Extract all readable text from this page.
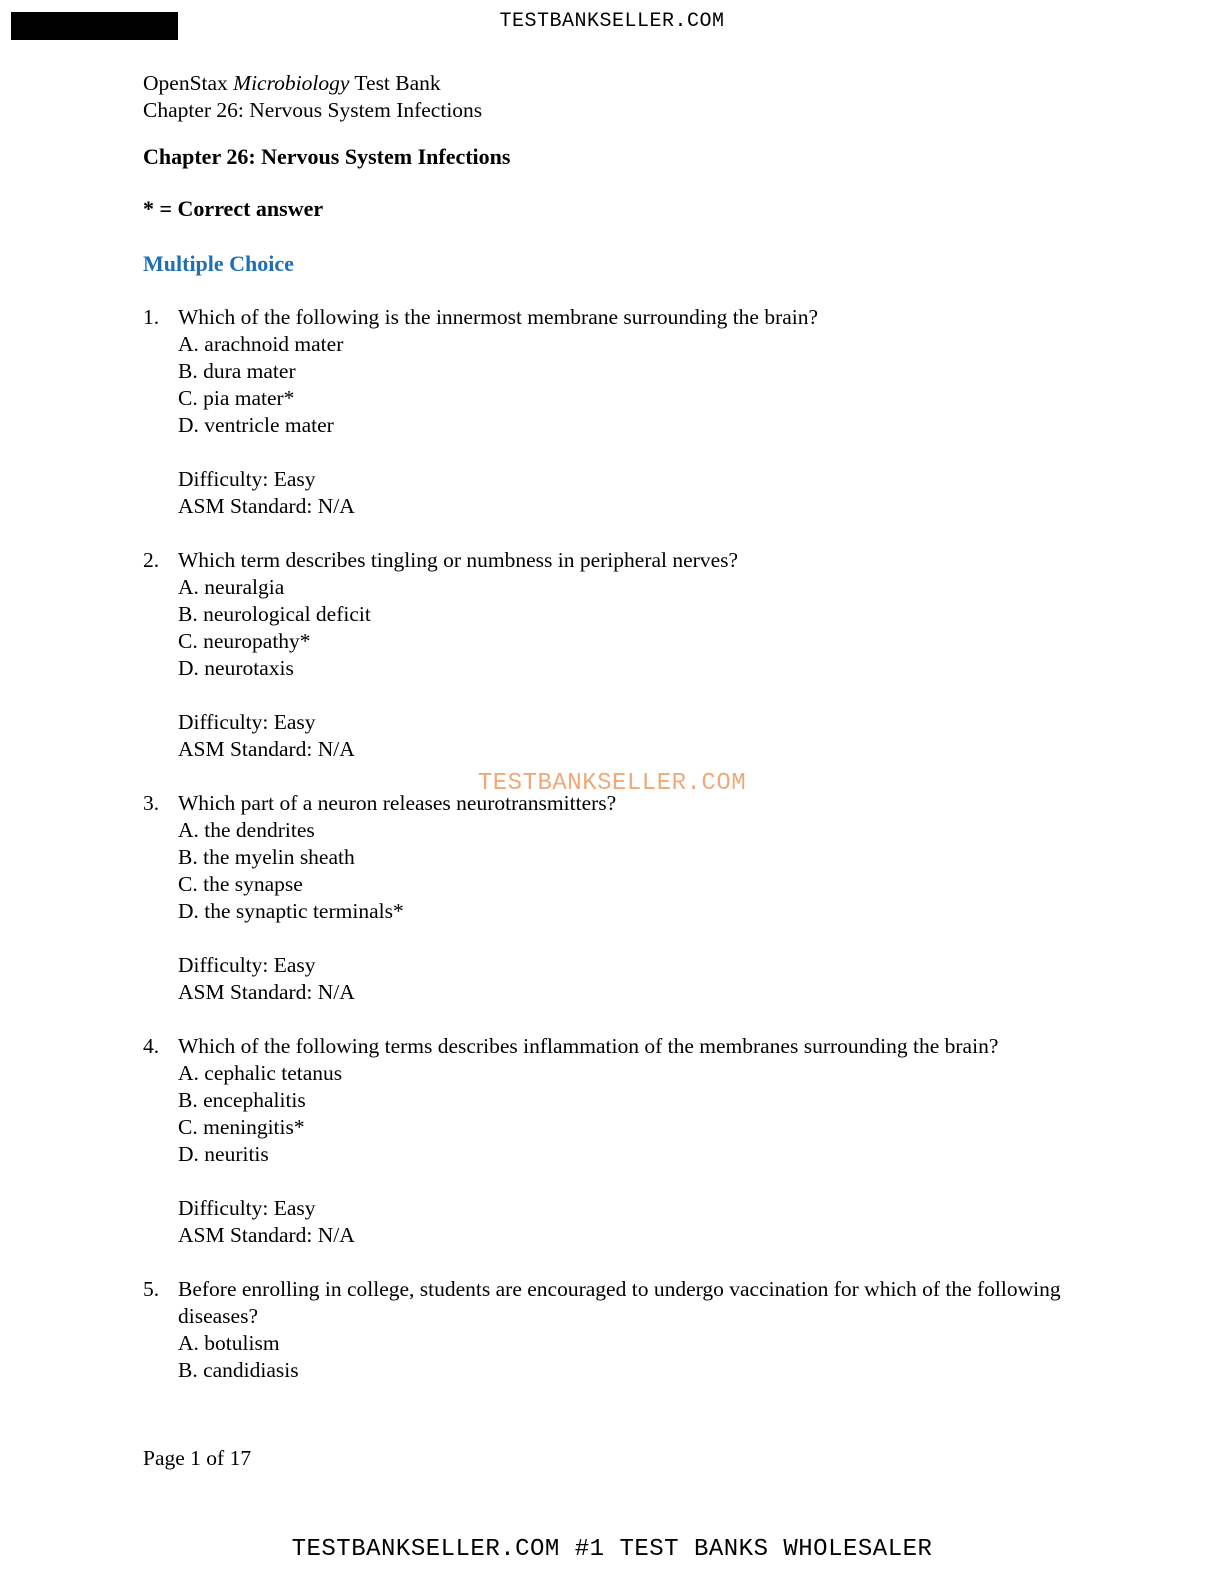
TESTBANKSELLER.COM

OpenStax Microbiology Test Bank

Chapter 26: Nervous System Infections

Chapter 26: Nervous System Infections

* = Correct answer

Multiple Choice

1. Which of the following is the innermost membrane surrounding the brain?

A. arachnoid mater

B. dura mater

C. pia mater*

D. ventricle mater

Difficulty: Easy

ASM Standard: N/A

2. Which term describes tingling or numbness in peripheral nerves?

A. neuralgia

B. neurological deficit

C. neuropathy*

D. neurotaxis

Difficulty: Easy

ASM Standard: N/A

3. Which part of a neuron releases neurotransmitters?

A. the dendrites

B. the myelin sheath

C. the synapse

D. the synaptic terminals*

Difficulty: Easy

ASM Standard: N/A

4. Which of the following terms describes inflammation of the membranes surrounding the brain?

A. cephalic tetanus

B. encephalitis

C. meningitis*

D. neuritis

Difficulty: Easy

ASM Standard: N/A

5. Before enrolling in college, students are encouraged to undergo vaccination for which of the following diseases?

A. botulism

B. candidiasis

TESTBANKSELLER.COM
Page 1 of 17
TESTBANKSELLER.COM #1 TEST BANKS WHOLESALER
